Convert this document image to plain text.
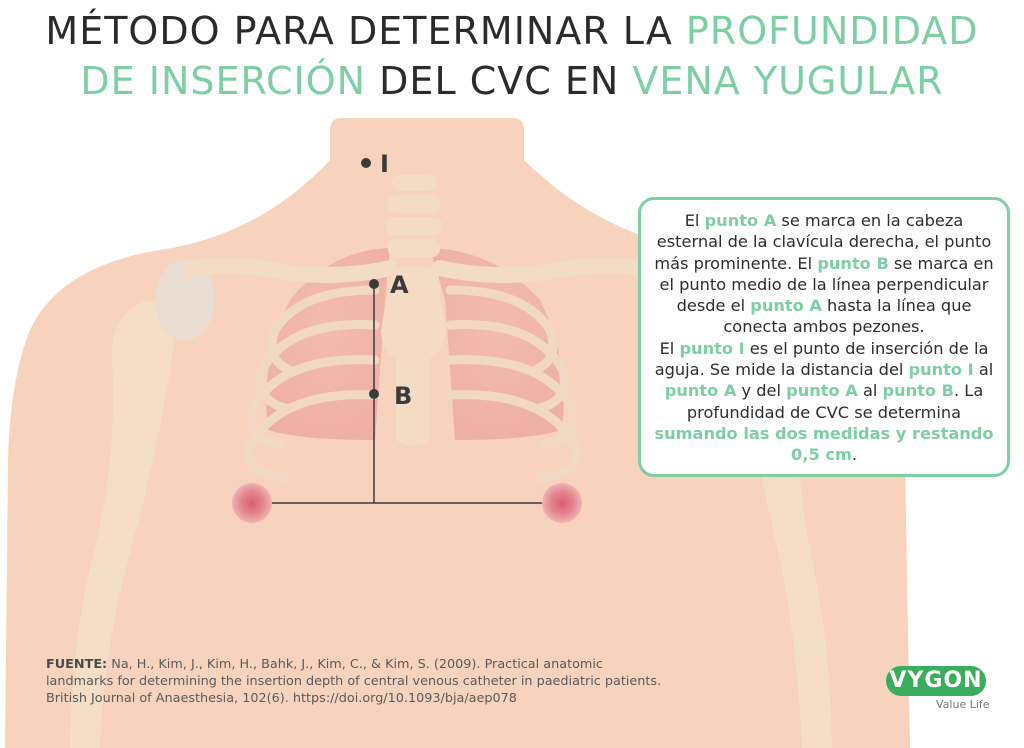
MÉTODO PARA DETERMINAR LA PROFUNDIDAD
DE INSERCIÓN DEL CVC EN VENA YUGULAR
I
A
B
El punto A se marca en la cabeza esternal de la clavícula derecha, el punto más prominente. El punto B se marca en el punto medio de la línea perpendicular desde el punto A hasta la línea que conecta ambos pezones.
El punto I es el punto de inserción de la aguja. Se mide la distancia del punto I al punto A y del punto A al punto B. La profundidad de CVC se determina sumando las dos medidas y restando 0,5 cm.
FUENTE: Na, H., Kim, J., Kim, H., Bahk, J., Kim, C., & Kim, S. (2009). Practical anatomic landmarks for determining the insertion depth of central venous catheter in paediatric patients. British Journal of Anaesthesia, 102(6). https://doi.org/10.1093/bja/aep078
VYGON
Value Life
